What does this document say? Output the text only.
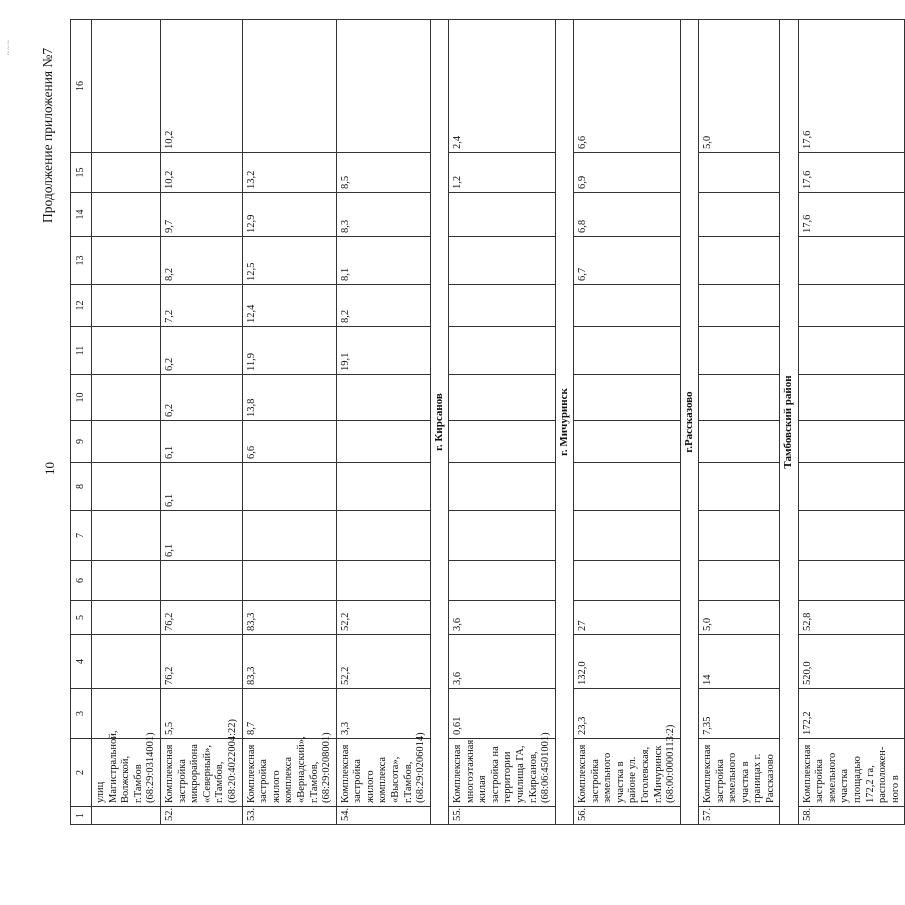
~~~
10
Продолжение приложения №7
1	2	3	4	5	6	7	8	9	10	11	12	13	14	15	16
	улиц Магистральной, Волжской, г.Тамбов (68:29:0314001)														
52.	Комплексная застройка микрорайона «Северный», г.Тамбов, (68:20:4022004:22)	5,5	76,2	76,2		6,1	6,1	6,1	6,2	6,2	7,2	8,2	9,7	10,2	10,2
53.	Комплексная застройка жилого комплекса «Вернадский», г.Тамбов, (68:29:0208001)	8,7	83,3	83,3				6,6	13,8	11,9	12,4	12,5	12,9	13,2	
54.	Комплексная застройка жилого комплекса «Высота», г.Тамбов, (68:29:0206014)	3,3	52,2	52,2						19,1	8,2	8,1	8,3	8,5	
г. Кирсанов															
55.	Комплексная многоэтажная жилая застройка на территории училища ГА, г.Кирсанов, (68:06:4501001)	0,61	3,6	3,6										1,2	2,4
г. Мичуринск															
56.	Комплексная застройка земельного участка в районе ул. Гоголевская, г.Мичуринск (68:00:0000113:2)	23,3	132,0	27								6,7	6,8	6,9	6,6
г.Рассказово															
57.	Комплексная застройка земельного участка в границах г. Рассказово	7,35	14	5,0											5,0
Тамбовский район															
58.	Комплексная застройка земельного участка площадью 172,2 га, расположен- ного в	172,2	520,0	52,8									17,6	17,6	17,6
